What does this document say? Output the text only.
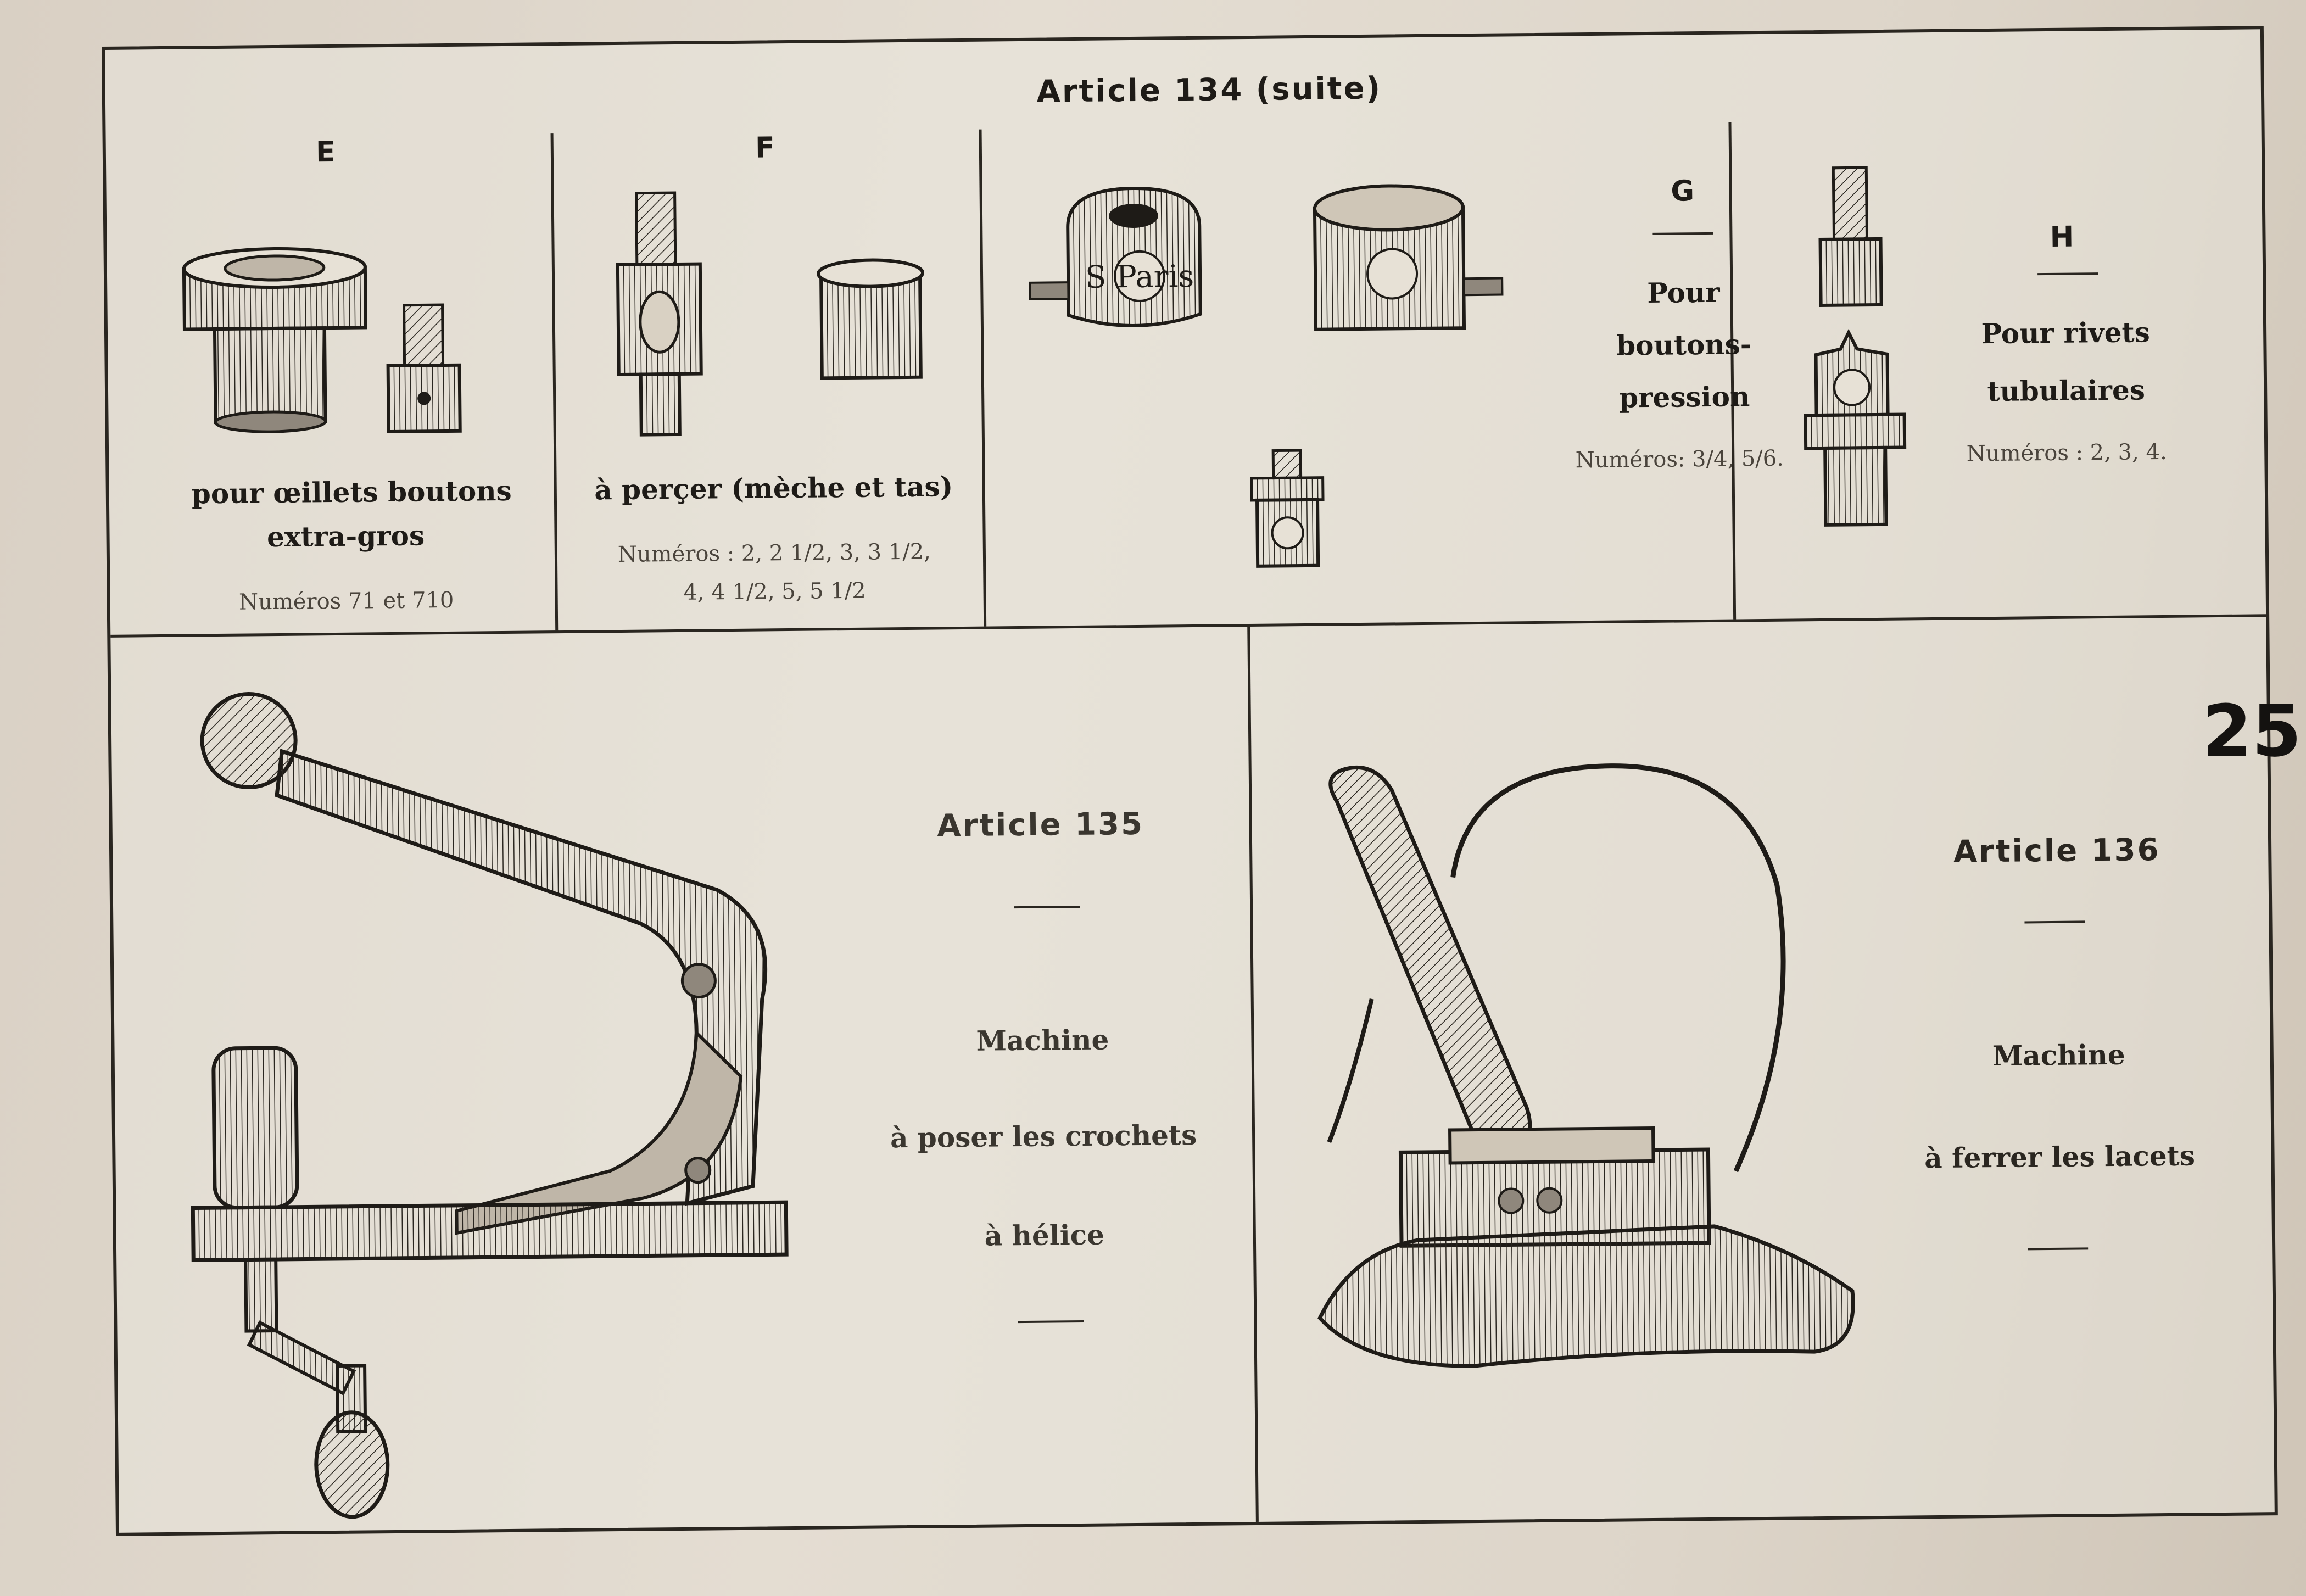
Article 134 (suite)
E
pour œillets boutons
extra-gros
Numéros 71 et 710
F
à perçer (mèche et tas)
Numéros : 2, 2 1/2, 3, 3 1/2,
4, 4 1/2, 5, 5 1/2
S Paris
G
Pour
boutons-
pression
Numéros: 3/4, 5/6.
H
Pour rivets
tubulaires
Numéros : 2, 3, 4.
Article 135
Machine
à poser les crochets
à hélice
Article 136
Machine
à ferrer les lacets
25
